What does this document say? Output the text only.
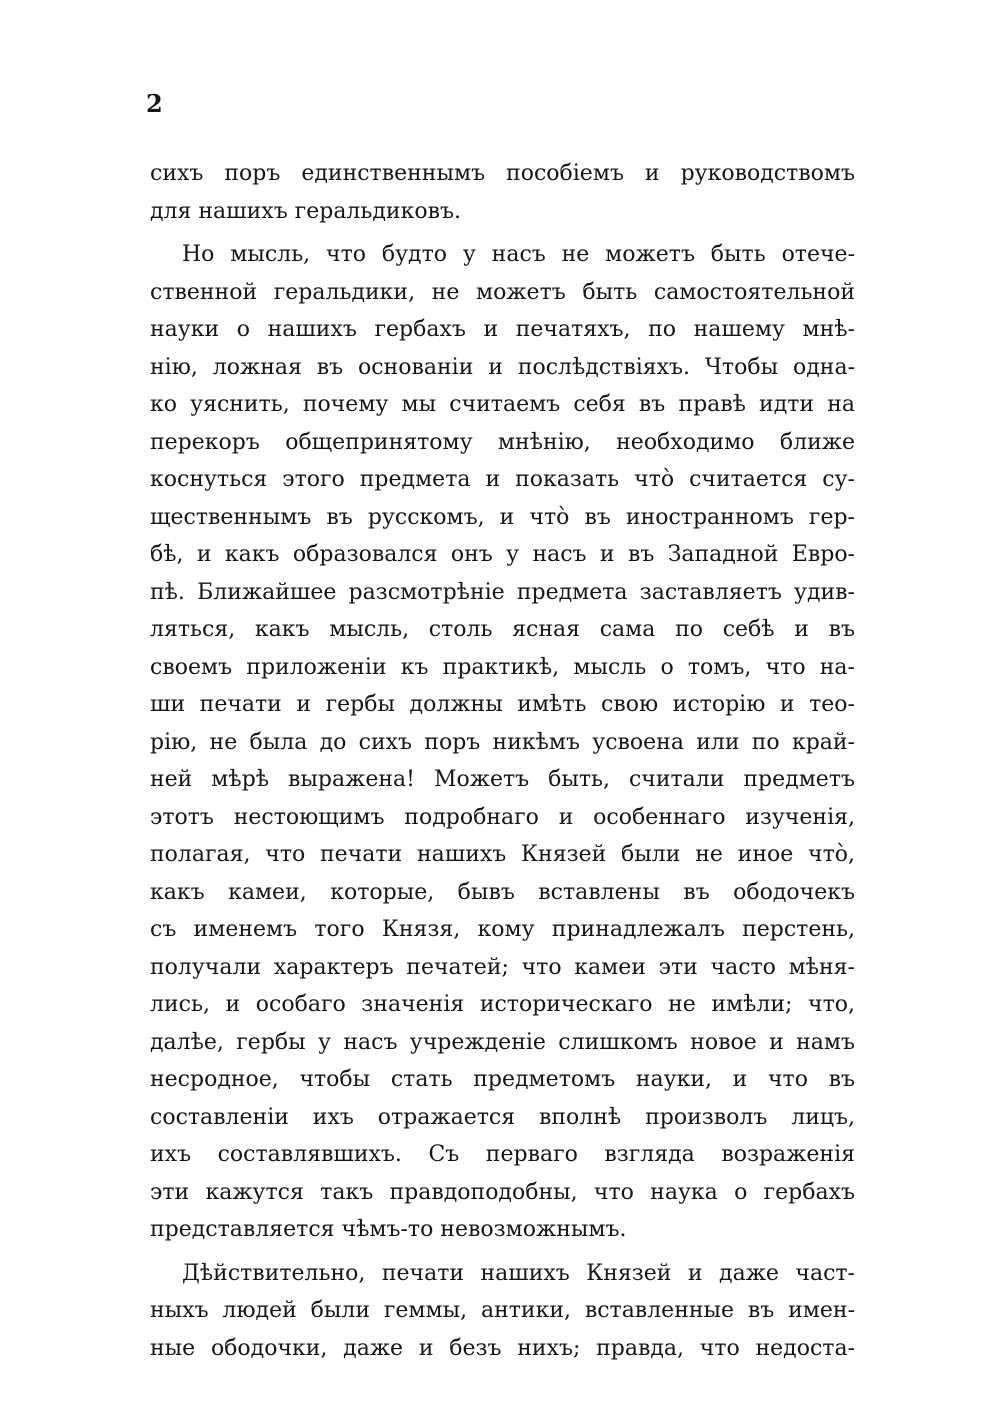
2
сихъ поръ единственнымъ пособіемъ и руководствомъ
для нашихъ геральдиковъ.
Но мысль, что будто у насъ не можетъ быть отече-
ственной геральдики, не можетъ быть самостоятельной
науки о нашихъ гербахъ и печатяхъ, по нашему мнѣ-
нію, ложная въ основаніи и послѣдствіяхъ. Чтобы одна-
ко уяснить, почему мы считаемъ себя въ правѣ идти на
перекоръ общепринятому мнѣнію, необходимо ближе
коснуться этого предмета и показать что̀ считается су-
щественнымъ въ русскомъ, и что̀ въ иностранномъ гер-
бѣ, и какъ образовался онъ у насъ и въ Западной Евро-
пѣ. Ближайшее разсмотрѣніе предмета заставляетъ удив-
ляться, какъ мысль, столь ясная сама по себѣ и въ
своемъ приложеніи къ практикѣ, мысль о томъ, что на-
ши печати и гербы должны имѣть свою исторію и тео-
рію, не была до сихъ поръ никѣмъ усвоена или по край-
ней мѣрѣ выражена! Можетъ быть, считали предметъ
этотъ нестоющимъ подробнаго и особеннаго изученія,
полагая, что печати нашихъ Князей были не иное что̀,
какъ камеи, которые, бывъ вставлены въ ободочекъ
съ именемъ того Князя, кому принадлежалъ перстень,
получали характеръ печатей; что камеи эти часто мѣня-
лись, и особаго значенія историческаго не имѣли; что,
далѣе, гербы у насъ учрежденіе слишкомъ новое и намъ
несродное, чтобы стать предметомъ науки, и что въ
составленіи ихъ отражается вполнѣ произволъ лицъ,
ихъ составлявшихъ. Съ перваго взгляда возраженія
эти кажутся такъ правдоподобны, что наука о гербахъ
представляется чѣмъ-то невозможнымъ.
Дѣйствительно, печати нашихъ Князей и даже част-
ныхъ людей были геммы, антики, вставленные въ имен-
ные ободочки, даже и безъ нихъ; правда, что недоста-
